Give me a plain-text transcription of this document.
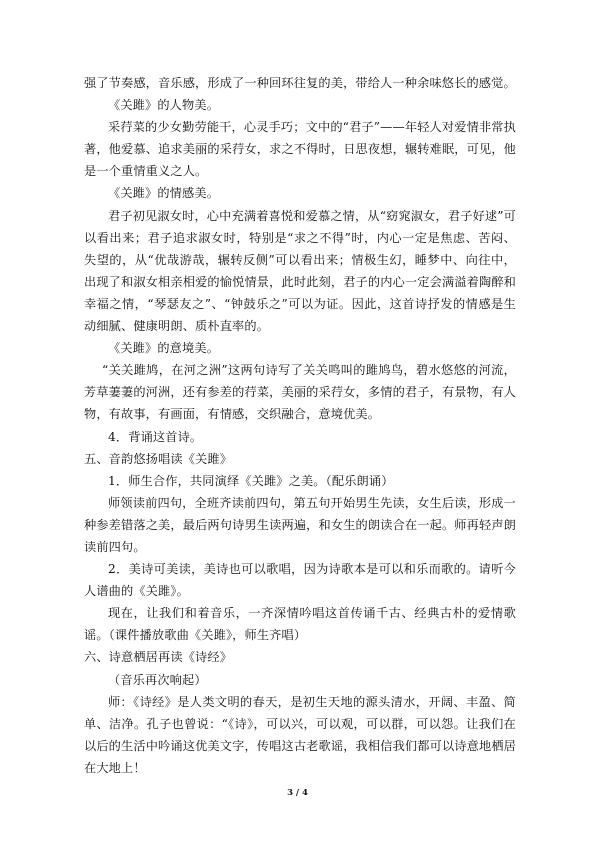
强了节奏感，音乐感，形成了一种回环往复的美，带给人一种余味悠长的感觉。

《关雎》的人物美。

采荇菜的少女勤劳能干，心灵手巧；文中的“君子”——年轻人对爱情非常执著，他爱慕、追求美丽的采荇女，求之不得时，日思夜想，辗转难眠，可见，他是一个重情重义之人。

《关雎》的情感美。

君子初见淑女时，心中充满着喜悦和爱慕之情，从“窈窕淑女，君子好逑”可以看出来；君子追求淑女时，特别是“求之不得”时，内心一定是焦虑、苦闷、失望的，从“优哉游哉，辗转反侧”可以看出来；情极生幻，睡梦中、向往中，出现了和淑女相亲相爱的愉悦情景，此时此刻，君子的内心一定会满溢着陶醉和幸福之情，“琴瑟友之”、“钟鼓乐之”可以为证。因此，这首诗抒发的情感是生动细腻、健康明朗、质朴直率的。

《关雎》的意境美。

“关关雎鸠，在河之洲”这两句诗写了关关鸣叫的雎鸠鸟，碧水悠悠的河流，芳草萋萋的河洲，还有参差的荇菜，美丽的采荇女，多情的君子，有景物，有人物，有故事，有画面，有情感，交织融合，意境优美。

4．背诵这首诗。

五、音韵悠扬唱读《关雎》

1．师生合作，共同演绎《关雎》之美。（配乐朗诵）

师领读前四句，全班齐读前四句，第五句开始男生先读，女生后读，形成一种参差错落之美，最后两句诗男生读两遍，和女生的朗读合在一起。师再轻声朗读前四句。

2．美诗可美读，美诗也可以歌唱，因为诗歌本是可以和乐而歌的。请听今人谱曲的《关雎》。

现在，让我们和着音乐，一齐深情吟唱这首传诵千古、经典古朴的爱情歌谣。（课件播放歌曲《关雎》，师生齐唱）

六、诗意栖居再读《诗经》

（音乐再次响起）

师：《诗经》是人类文明的春天，是初生天地的源头清水，开阔、丰盈、简单、洁净。孔子也曾说：“《诗》，可以兴，可以观，可以群，可以怨。让我们在以后的生活中吟诵这优美文字，传唱这古老歌谣，我相信我们都可以诗意地栖居在大地上！

3 / 4
